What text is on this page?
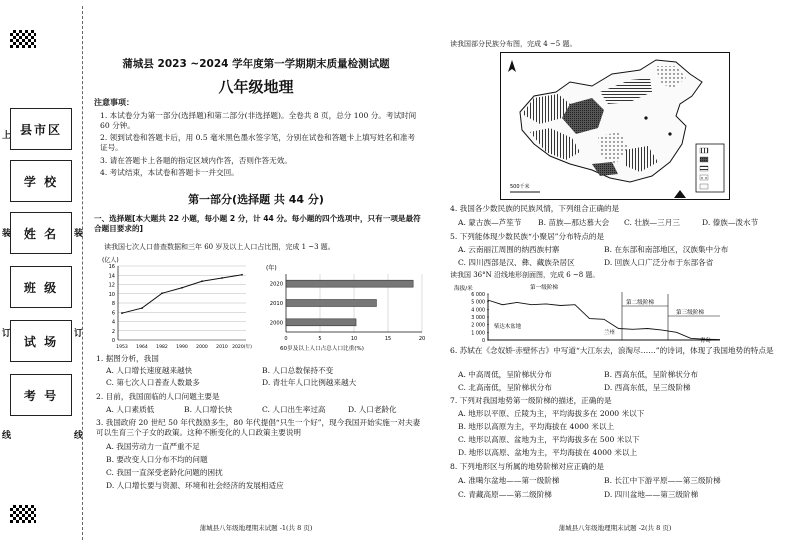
上
装
订
线
装
订
线
县市区
学 校
姓 名
班 级
试 场
考 号
蒲城县 2023 ~2024 学年度第一学期期末质量检测试题
八年级地理
注意事项：

1. 本试卷分为第一部分(选择题)和第二部分(非选择题)。全卷共 8 页，总分 100 分。考试时间 60 分钟。

2. 领到试卷和答题卡后，用 0.5 毫米黑色墨水签字笔，分别在试卷和答题卡上填写姓名和准考证号。

3. 请在答题卡上各题的指定区域内作答，否则作答无效。

4. 考试结束，本试卷和答题卡一并交回。

第一部分(选择题 共 44 分)
一、选择题[本大题共 22 小题，每小题 2 分，计 44 分。每小题的四个选项中，只有一项是最符合题目要求的]
读我国七次人口普查数据和三年 60 岁及以上人口占比图，完成 1 ~3 题。
(亿人)
0
2
4
6
8
10
12
14
16
1953 1964 1982 1990 2000 2010 2020(年)
(年)
0	5	10	15	20
2020
2010
2000
60岁及以上人口占总人口比重(%)
1. 据图分析，我国
A. 人口增长速度越来越快	B. 人口总数保持不变
C. 第七次人口普查人数最多	D. 青壮年人口比例越来越大
2. 目前，我国面临的人口问题主要是
A. 人口素质低	B. 人口增长快	C. 人口出生率过高	D. 人口老龄化
3. 我国政府 20 世纪 50 年代鼓励多生，80 年代提倡“只生一个好”，现今我国开始实施一对夫妻可以生育三个子女的政策。这种不断变化的人口政策主要说明
A. 我国劳动力一直严重不足
B. 要改变人口分布不均的问题
C. 我国一直深受老龄化问题的困扰
D. 人口增长要与资源、环境和社会经济的发展相适应
蒲城县八年级地理期末试题 -1(共 8 页)
读我国部分民族分布图，完成 4 ~5 题。
500千米
4. 我国各少数民族的民族风情，下列组合正确的是
A. 蒙古族—芦笙节 B. 苗族—那达慕大会 C. 壮族—三月三	D. 傣族—泼水节
5. 下列能体现少数民族“小聚居”分布特点的是
A. 云南丽江周围的纳西族村寨	B. 在东部和南部地区，汉族集中分布
C. 四川西部是汉、彝、藏族杂居区	D. 回族人口广泛分布于东部各省
读我国 36°N 沿线地形剖面图，完成 6 ~8 题。
海拔/米
6 000
5 000
4 000
3 000
2 000
1 000
0
第一级阶梯
第二级阶梯
第三级阶梯
柴达木盆地
兰州
青岛
6. 苏轼在《念奴娇·赤壁怀古》中写道“大江东去，浪淘尽……”的诗词，体现了我国地势的特点是
A. 中高周低，呈阶梯状分布	B. 西高东低，呈阶梯状分布
C. 北高南低，呈阶梯状分布	D. 西高东低，呈三级阶梯
7. 下列对我国地势第一级阶梯的描述，正确的是
A. 地形以平原、丘陵为主，平均海拔多在 2000 米以下
B. 地形以高原为主，平均海拔在 4000 米以上
C. 地形以高原、盆地为主，平均海拔多在 500 米以下
D. 地形以高原、盆地为主，平均海拔在 4000 米以上
8. 下列地形区与所属的地势阶梯对应正确的是
A. 准噶尔盆地——第一级阶梯	B. 长江中下游平原——第三级阶梯
C. 青藏高原——第二级阶梯	D. 四川盆地——第三级阶梯
蒲城县八年级地理期末试题 -2(共 8 页)
